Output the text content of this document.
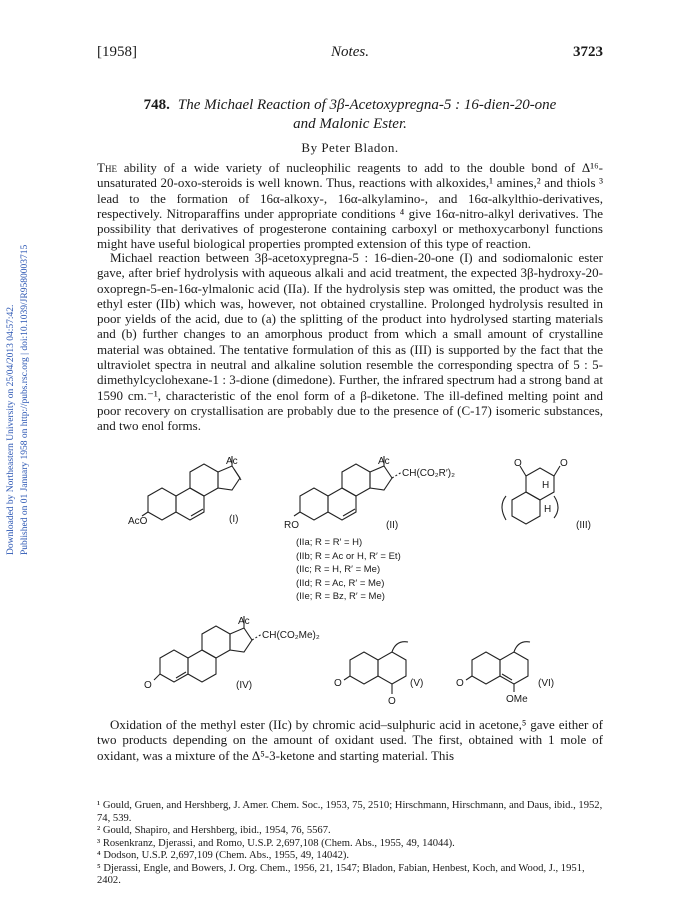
Downloaded by Northeastern University on 25/04/2013 04:57:42. Published on 01 January 1958 on http://pubs.rsc.org | doi:10.1039/JR9580003715
[1958]	Notes.	3723
748. The Michael Reaction of 3β-Acetoxypregna-5 : 16-dien-20-one
and Malonic Ester.
By Peter Bladon.

The ability of a wide variety of nucleophilic reagents to add to the double bond of Δ¹⁶-unsaturated 20-oxo-steroids is well known. Thus, reactions with alkoxides,¹ amines,² and thiols ³ lead to the formation of 16α-alkoxy-, 16α-alkylamino-, and 16α-alkylthio-derivatives, respectively. Nitroparaffins under appropriate conditions ⁴ give 16α-nitro-alkyl derivatives. The possibility that derivatives of progesterone containing carboxyl or methoxycarbonyl functions might have useful biological properties prompted extension of this type of reaction.

Michael reaction between 3β-acetoxypregna-5 : 16-dien-20-one (I) and sodiomalonic ester gave, after brief hydrolysis with aqueous alkali and acid treatment, the expected 3β-hydroxy-20-oxopregn-5-en-16α-ylmalonic acid (IIa). If the hydrolysis step was omitted, the product was the ethyl ester (IIb) which was, however, not obtained crystalline. Prolonged hydrolysis resulted in poor yields of the acid, due to (a) the splitting of the product into hydrolysed starting materials and (b) further changes to an amorphous product from which a small amount of crystalline material was obtained. The tentative formulation of this as (III) is supported by the fact that the ultraviolet spectra in neutral and alkaline solution resemble the corresponding spectra of 5 : 5-dimethylcyclohexane-1 : 3-dione (dimedone). Further, the infrared spectrum had a strong band at 1590 cm.⁻¹, characteristic of the enol form of a β-diketone. The ill-defined melting point and poor recovery on crystallisation are probably due to the presence of (C-17) isomeric substances, and two enol forms.

AcO
Ac
(I)
RO
Ac
CH(CO₂R′)₂
(II)
(IIa; R = R′ = H)
(IIb; R = Ac or H, R′ = Et)
(IIc; R = H, R′ = Me)
(IId; R = Ac, R′ = Me)
(IIe; R = Bz, R′ = Me)
O	O
H
H
(III)
O
Ac
CH(CO₂Me)₂
(IV)	O
O
(V)	O
OMe
(VI)

Oxidation of the methyl ester (IIc) by chromic acid–sulphuric acid in acetone,⁵ gave either of two products depending on the amount of oxidant used. The first, obtained with 1 mole of oxidant, was a mixture of the Δ⁵-3-ketone and starting material. This

¹ Gould, Gruen, and Hershberg, J. Amer. Chem. Soc., 1953, 75, 2510; Hirschmann, Hirschmann, and Daus, ibid., 1952, 74, 539.
² Gould, Shapiro, and Hershberg, ibid., 1954, 76, 5567.
³ Rosenkranz, Djerassi, and Romo, U.S.P. 2,697,108 (Chem. Abs., 1955, 49, 14044).
⁴ Dodson, U.S.P. 2,697,109 (Chem. Abs., 1955, 49, 14042).
⁵ Djerassi, Engle, and Bowers, J. Org. Chem., 1956, 21, 1547; Bladon, Fabian, Henbest, Koch, and Wood, J., 1951, 2402.
